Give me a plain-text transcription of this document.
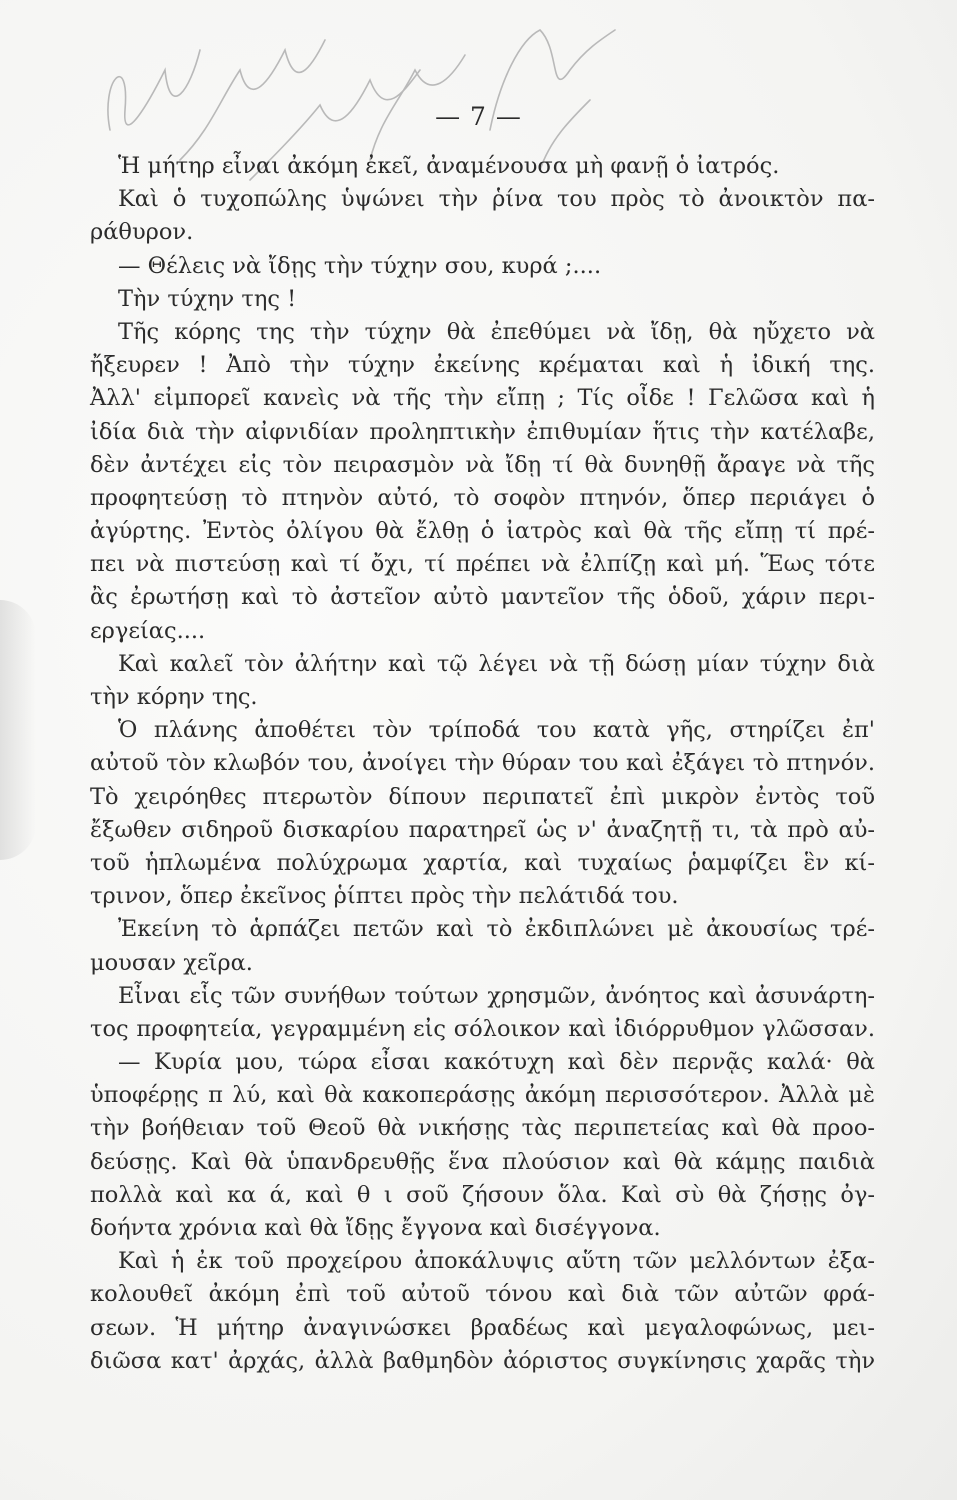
— 7 —
Ἡ μήτηρ εἶναι ἀκόμη ἐκεῖ, ἀναμένουσα μὴ φανῇ ὁ ἰατρός.
Καὶ ὁ τυχοπώλης ὑψώνει τὴν ῥίνα του πρὸς τὸ ἀνοικτὸν πα-
ράθυρον.
— Θέλεις νὰ ἴδῃς τὴν τύχην σου, κυρά ;....
Τὴν τύχην της !
Τῆς κόρης της τὴν τύχην θὰ ἐπεθύμει νὰ ἴδῃ, θὰ ηὔχετο νὰ
ἤξευρεν ! Ἀπὸ τὴν τύχην ἐκείνης κρέμαται καὶ ἡ ἰδική της.
Ἀλλ' εἰμπορεῖ κανεὶς νὰ τῆς τὴν εἴπῃ ; Τίς οἶδε ! Γελῶσα καὶ ἡ
ἰδία διὰ τὴν αἰφνιδίαν προληπτικὴν ἐπιθυμίαν ἥτις τὴν κατέλαβε,
δὲν ἀντέχει εἰς τὸν πειρασμὸν νὰ ἴδῃ τί θὰ δυνηθῇ ἄραγε νὰ τῆς
προφητεύσῃ τὸ πτηνὸν αὐτό, τὸ σοφὸν πτηνόν, ὅπερ περιάγει ὁ
ἀγύρτης. Ἐντὸς ὀλίγου θὰ ἔλθῃ ὁ ἰατρὸς καὶ θὰ τῆς εἴπῃ τί πρέ-
πει νὰ πιστεύσῃ καὶ τί ὄχι, τί πρέπει νὰ ἐλπίζῃ καὶ μή. Ἕως τότε
ἂς ἐρωτήσῃ καὶ τὸ ἀστεῖον αὐτὸ μαντεῖον τῆς ὁδοῦ, χάριν περι-
εργείας....
Καὶ καλεῖ τὸν ἀλήτην καὶ τῷ λέγει νὰ τῇ δώσῃ μίαν τύχην διὰ
τὴν κόρην της.
Ὁ πλάνης ἀποθέτει τὸν τρίποδά του κατὰ γῆς, στηρίζει ἐπ'
αὐτοῦ τὸν κλωβόν του, ἀνοίγει τὴν θύραν του καὶ ἐξάγει τὸ πτηνόν.
Τὸ χειρόηθες πτερωτὸν δίπουν περιπατεῖ ἐπὶ μικρὸν ἐντὸς τοῦ
ἔξωθεν σιδηροῦ δισκαρίου παρατηρεῖ ὡς ν' ἀναζητῇ τι, τὰ πρὸ αὐ-
τοῦ ἡπλωμένα πολύχρωμα χαρτία, καὶ τυχαίως ῥαμφίζει ἓν κί-
τρινον, ὅπερ ἐκεῖνος ῥίπτει πρὸς τὴν πελάτιδά του.
Ἐκείνη τὸ ἁρπάζει πετῶν καὶ τὸ ἐκδιπλώνει μὲ ἀκουσίως τρέ-
μουσαν χεῖρα.
Εἶναι εἷς τῶν συνήθων τούτων χρησμῶν, ἀνόητος καὶ ἀσυνάρτη-
τος προφητεία, γεγραμμένη εἰς σόλοικον καὶ ἰδιόρρυθμον γλῶσσαν.
— Κυρία μου, τώρα εἶσαι κακότυχη καὶ δὲν περνᾷς καλά· θὰ
ὑποφέρῃς π λύ, καὶ θὰ κακοπεράσῃς ἀκόμη περισσότερον. Ἀλλὰ μὲ
τὴν βοήθειαν τοῦ Θεοῦ θὰ νικήσῃς τὰς περιπετείας καὶ θὰ προο-
δεύσῃς. Καὶ θὰ ὑπανδρευθῇς ἕνα πλούσιον καὶ θὰ κάμῃς παιδιὰ
πολλὰ καὶ κα ά, καὶ θ ι σοῦ ζήσουν ὅλα. Καὶ σὺ θὰ ζήσῃς ὀγ-
δοήντα χρόνια καὶ θὰ ἴδῃς ἔγγονα καὶ δισέγγονα.
Καὶ ἡ ἐκ τοῦ προχείρου ἀποκάλυψις αὕτη τῶν μελλόντων ἐξα-
κολουθεῖ ἀκόμη ἐπὶ τοῦ αὐτοῦ τόνου καὶ διὰ τῶν αὐτῶν φρά-
σεων. Ἡ μήτηρ ἀναγινώσκει βραδέως καὶ μεγαλοφώνως, μει-
διῶσα κατ' ἀρχάς, ἀλλὰ βαθμηδὸν ἀόριστος συγκίνησις χαρᾶς τὴν
